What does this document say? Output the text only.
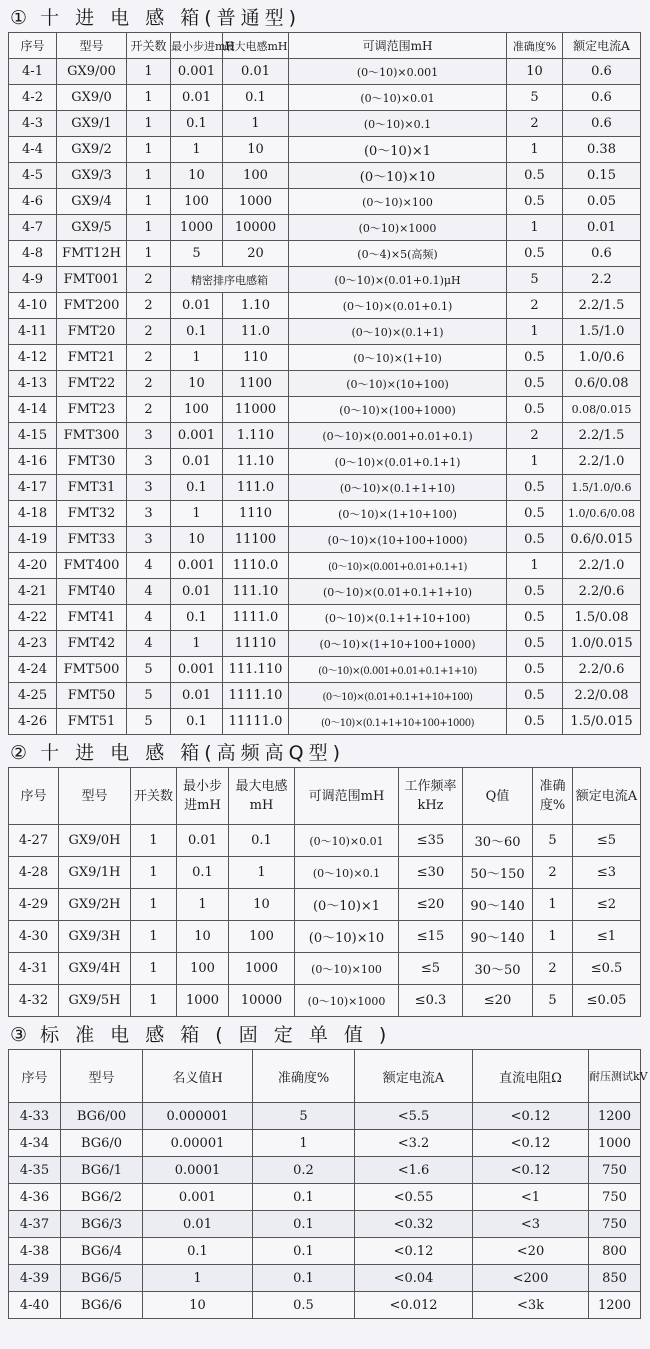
① 十 进 电 感 箱(普通型)
序号	型号	开关数	最小步进mH	最大电感mH	可调范围mH	准确度%	额定电流A
4-1	GX9/00	1	0.001	0.01	(0～10)×0.001	10	0.6
4-2	GX9/0	1	0.01	0.1	(0～10)×0.01	5	0.6
4-3	GX9/1	1	0.1	1	(0～10)×0.1	2	0.6
4-4	GX9/2	1	1	10	(0～10)×1	1	0.38
4-5	GX9/3	1	10	100	(0～10)×10	0.5	0.15
4-6	GX9/4	1	100	1000	(0～10)×100	0.5	0.05
4-7	GX9/5	1	1000	10000	(0～10)×1000	1	0.01
4-8	FMT12H	1	5	20	(0～4)×5(高频)	0.5	0.6
4-9	FMT001	2	精密排序电感箱		(0～10)×(0.01+0.1)μH	5	2.2
4-10	FMT200	2	0.01	1.10	(0～10)×(0.01+0.1)	2	2.2/1.5
4-11	FMT20	2	0.1	11.0	(0～10)×(0.1+1)	1	1.5/1.0
4-12	FMT21	2	1	110	(0～10)×(1+10)	0.5	1.0/0.6
4-13	FMT22	2	10	1100	(0～10)×(10+100)	0.5	0.6/0.08
4-14	FMT23	2	100	11000	(0～10)×(100+1000)	0.5	0.08/0.015
4-15	FMT300	3	0.001	1.110	(0～10)×(0.001+0.01+0.1)	2	2.2/1.5
4-16	FMT30	3	0.01	11.10	(0～10)×(0.01+0.1+1)	1	2.2/1.0
4-17	FMT31	3	0.1	111.0	(0～10)×(0.1+1+10)	0.5	1.5/1.0/0.6
4-18	FMT32	3	1	1110	(0～10)×(1+10+100)	0.5	1.0/0.6/0.08
4-19	FMT33	3	10	11100	(0～10)×(10+100+1000)	0.5	0.6/0.015
4-20	FMT400	4	0.001	1110.0	(0～10)×(0.001+0.01+0.1+1)	1	2.2/1.0
4-21	FMT40	4	0.01	111.10	(0～10)×(0.01+0.1+1+10)	0.5	2.2/0.6
4-22	FMT41	4	0.1	1111.0	(0～10)×(0.1+1+10+100)	0.5	1.5/0.08
4-23	FMT42	4	1	11110	(0～10)×(1+10+100+1000)	0.5	1.0/0.015
4-24	FMT500	5	0.001	111.110	(0～10)×(0.001+0.01+0.1+1+10)	0.5	2.2/0.6
4-25	FMT50	5	0.01	1111.10	(0～10)×(0.01+0.1+1+10+100)	0.5	2.2/0.08
4-26	FMT51	5	0.1	11111.0	(0～10)×(0.1+1+10+100+1000)	0.5	1.5/0.015
② 十 进 电 感 箱(高频高Q型)
序号	型号	开关数	最小步进mH	最大电感mH	可调范围mH	工作频率kHz	Q值	准确度%	额定电流A
4-27	GX9/0H	1	0.01	0.1	(0～10)×0.01	≤35	30～60	5	≤5
4-28	GX9/1H	1	0.1	1	(0～10)×0.1	≤30	50～150	2	≤3
4-29	GX9/2H	1	1	10	(0～10)×1	≤20	90～140	1	≤2
4-30	GX9/3H	1	10	100	(0～10)×10	≤15	90～140	1	≤1
4-31	GX9/4H	1	100	1000	(0～10)×100	≤5	30～50	2	≤0.5
4-32	GX9/5H	1	1000	10000	(0～10)×1000	≤0.3	≤20	5	≤0.05
③ 标 准 电 感 箱 ( 固 定 单 值 )
序号	型号	名义值H	准确度%	额定电流A	直流电阻Ω	耐压测试kV
4-33	BG6/00	0.000001	5	<5.5	<0.12	1200
4-34	BG6/0	0.00001	1	<3.2	<0.12	1000
4-35	BG6/1	0.0001	0.2	<1.6	<0.12	750
4-36	BG6/2	0.001	0.1	<0.55	<1	750
4-37	BG6/3	0.01	0.1	<0.32	<3	750
4-38	BG6/4	0.1	0.1	<0.12	<20	800
4-39	BG6/5	1	0.1	<0.04	<200	850
4-40	BG6/6	10	0.5	<0.012	<3k	1200
